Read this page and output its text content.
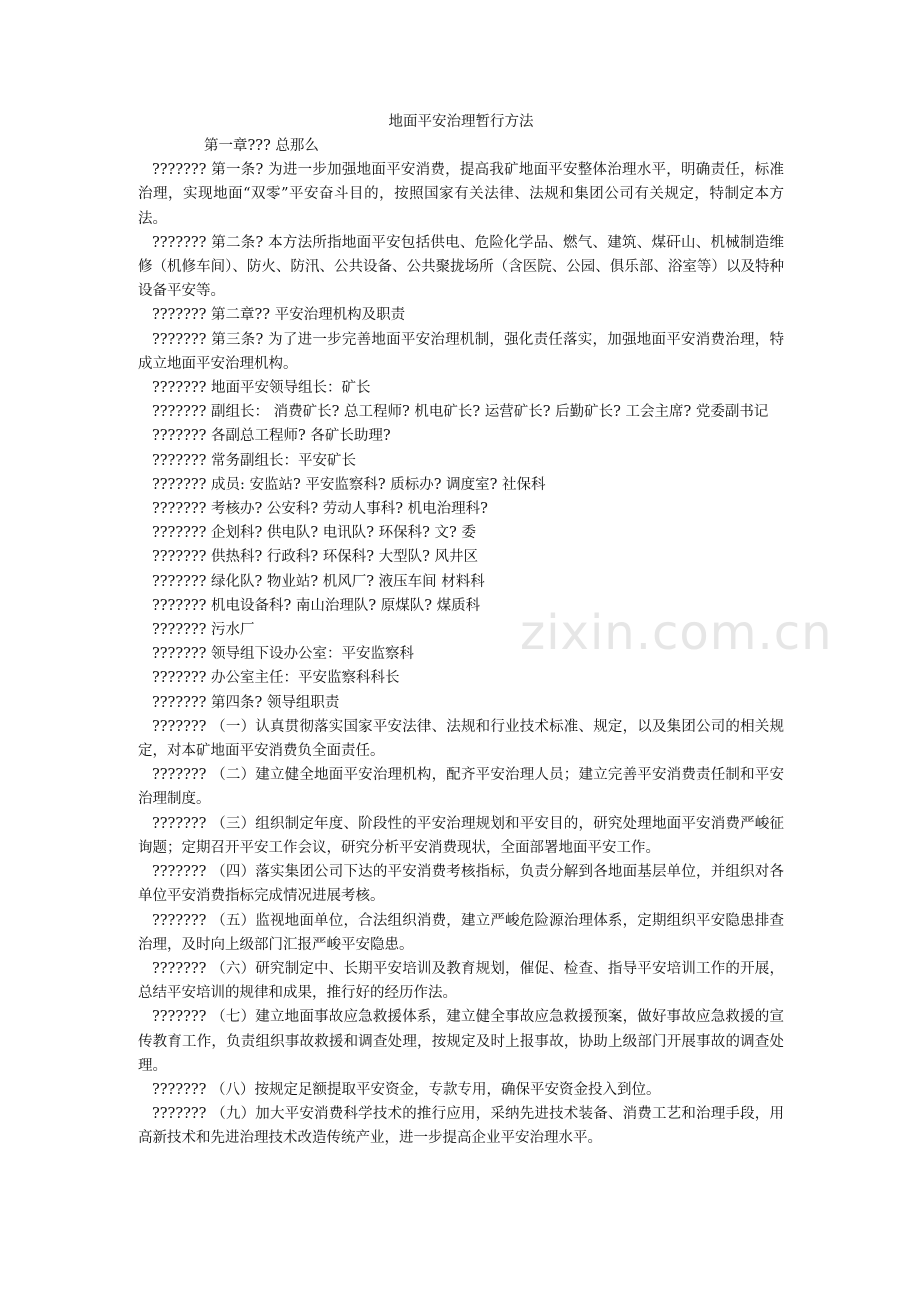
地面平安治理暂行方法

第一章??? 总那么

??????? 第一条? 为进一步加强地面平安消费，提高我矿地面平安整体治理水平，明确责任，标准治理，实现地面“双零”平安奋斗目的，按照国家有关法律、法规和集团公司有关规定，特制定本方法。

??????? 第二条? 本方法所指地面平安包括供电、危险化学品、燃气、建筑、煤矸山、机械制造维修（机修车间）、防火、防汛、公共设备、公共聚拢场所（含医院、公园、俱乐部、浴室等）以及特种设备平安等。

??????? 第二章?? 平安治理机构及职责

??????? 第三条? 为了进一步完善地面平安治理机制，强化责任落实，加强地面平安消费治理，特成立地面平安治理机构。

??????? 地面平安领导组长：矿长

??????? 副组长： 消费矿长? 总工程师? 机电矿长? 运营矿长? 后勤矿长? 工会主席? 党委副书记

??????? 各副总工程师? 各矿长助理?

??????? 常务副组长：平安矿长

??????? 成员: 安监站? 平安监察科? 质标办? 调度室? 社保科

??????? 考核办? 公安科? 劳动人事科? 机电治理科?

??????? 企划科? 供电队? 电讯队? 环保科? 文? 委

??????? 供热科? 行政科? 环保科? 大型队? 风井区

??????? 绿化队? 物业站? 机风厂? 液压车间 材料科

??????? 机电设备科? 南山治理队? 原煤队? 煤质科

??????? 污水厂

??????? 领导组下设办公室：平安监察科

??????? 办公室主任：平安监察科科长

??????? 第四条? 领导组职责

??????? （一）认真贯彻落实国家平安法律、法规和行业技术标准、规定，以及集团公司的相关规定，对本矿地面平安消费负全面责任。

??????? （二）建立健全地面平安治理机构，配齐平安治理人员；建立完善平安消费责任制和平安治理制度。

??????? （三）组织制定年度、阶段性的平安治理规划和平安目的，研究处理地面平安消费严峻征询题；定期召开平安工作会议，研究分析平安消费现状，全面部署地面平安工作。

??????? （四）落实集团公司下达的平安消费考核指标，负责分解到各地面基层单位，并组织对各单位平安消费指标完成情况进展考核。

??????? （五）监视地面单位，合法组织消费，建立严峻危险源治理体系，定期组织平安隐患排查治理，及时向上级部门汇报严峻平安隐患。

??????? （六）研究制定中、长期平安培训及教育规划，催促、检查、指导平安培训工作的开展，总结平安培训的规律和成果，推行好的经历作法。

??????? （七）建立地面事故应急救援体系，建立健全事故应急救援预案，做好事故应急救援的宣传教育工作，负责组织事故救援和调查处理，按规定及时上报事故，协助上级部门开展事故的调查处理。

??????? （八）按规定足额提取平安资金，专款专用，确保平安资金投入到位。

??????? （九）加大平安消费科学技术的推行应用，采纳先进技术装备、消费工艺和治理手段，用高新技术和先进治理技术改造传统产业，进一步提高企业平安治理水平。

zixin.com.cn
